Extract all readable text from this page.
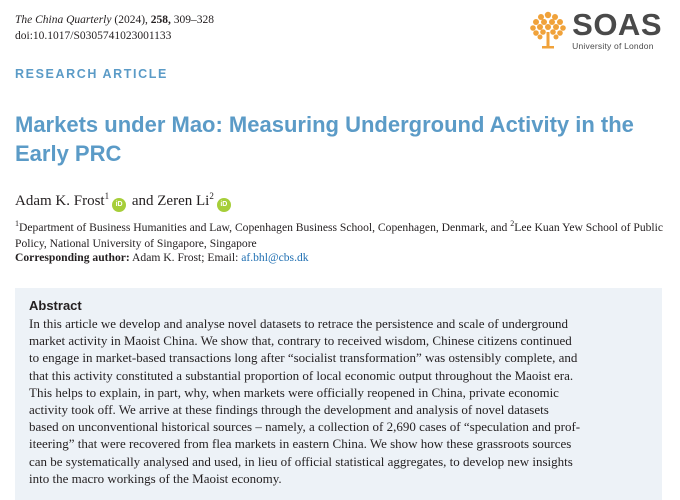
The China Quarterly (2024), 258, 309–328
doi:10.1017/S0305741023001133	SOAS
University of London
RESEARCH ARTICLE
Markets under Mao: Measuring Underground Activity in the Early PRC
Adam K. Frost$^1$iD and Zeren Li$^2$iD

$^1$Department of Business Humanities and Law, Copenhagen Business School, Copenhagen, Denmark, and $^2$Lee Kuan Yew School of Public Policy, National University of Singapore, Singapore

Corresponding author: Adam K. Frost; Email: af.bhl@cbs.dk
Abstract

In this article we develop and analyse novel datasets to retrace the persistence and scale of underground
market activity in Maoist China. We show that, contrary to received wisdom, Chinese citizens continued
to engage in market-based transactions long after “socialist transformation” was ostensibly complete, and
that this activity constituted a substantial proportion of local economic output throughout the Maoist era.
This helps to explain, in part, why, when markets were officially reopened in China, private economic
activity took off. We arrive at these findings through the development and analysis of novel datasets
based on unconventional historical sources – namely, a collection of 2,690 cases of “speculation and prof-
iteering” that were recovered from flea markets in eastern China. We show how these grassroots sources
can be systematically analysed and used, in lieu of official statistical aggregates, to develop new insights
into the macro workings of the Maoist economy.
